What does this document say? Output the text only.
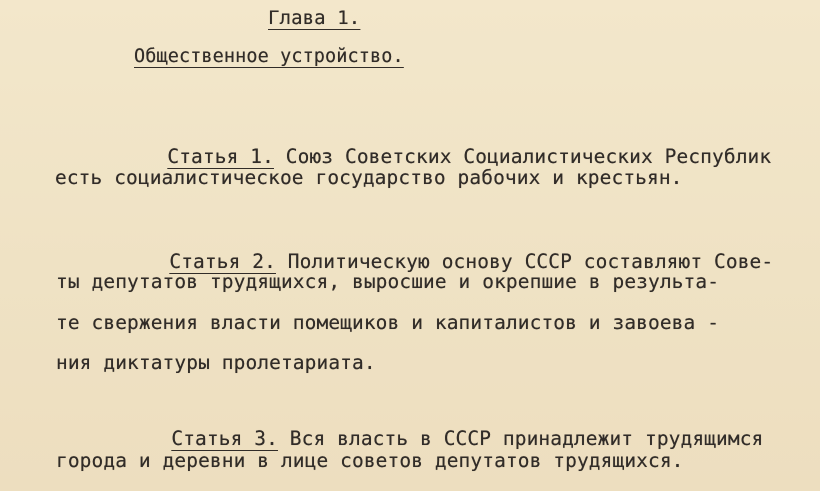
Глава 1.
Общественное устройство.

Статья 1. Союз Советских Социалистических Республик

есть социалистическое государство рабочих и крестьян.

Статья 2. Политическую основу СССР составляют Сове-

ты депутатов трудящихся, выросшие и окрепшие в результа-
те свержения власти помещиков и капиталистов и завоева -
ния диктатуры пролетариата.

Статья 3. Вся власть в СССР принадлежит трудящимся

города и деревни в лице советов депутатов трудящихся.
